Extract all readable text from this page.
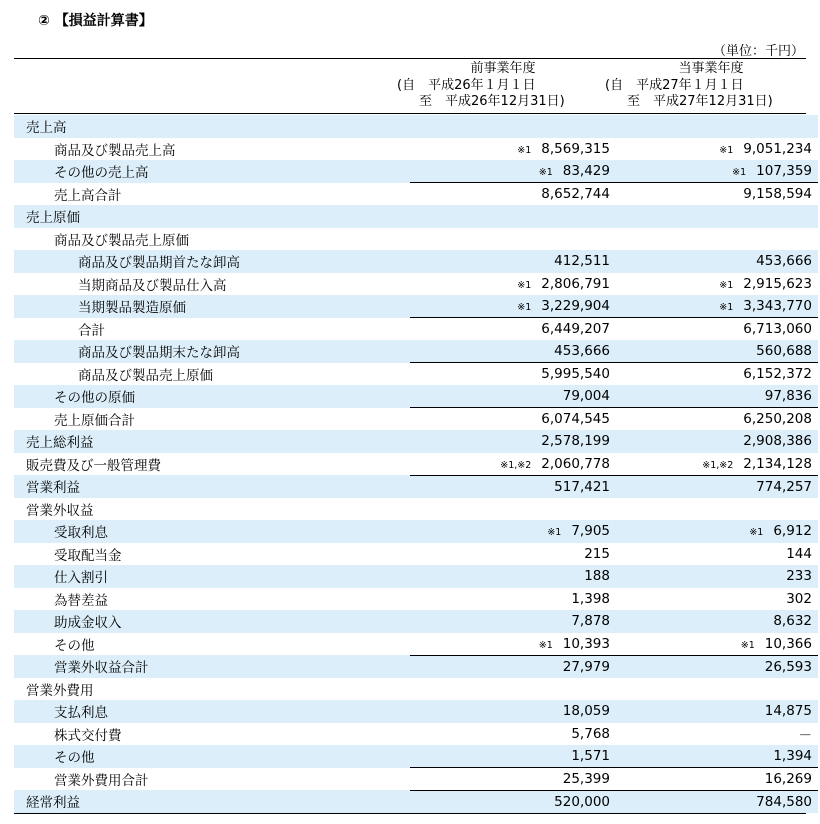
② 【損益計算書】
（単位：千円）
前事業年度
(自　平成26年１月１日
至　平成26年12月31日)
当事業年度
(自　平成27年１月１日
至　平成27年12月31日)
売上高		
商品及び製品売上高	※1 8,569,315	※1 9,051,234
その他の売上高	※1 83,429	※1 107,359
売上高合計	8,652,744	9,158,594
売上原価		
商品及び製品売上原価		
商品及び製品期首たな卸高	412,511	453,666
当期商品及び製品仕入高	※1 2,806,791	※1 2,915,623
当期製品製造原価	※1 3,229,904	※1 3,343,770
合計	6,449,207	6,713,060
商品及び製品期末たな卸高	453,666	560,688
商品及び製品売上原価	5,995,540	6,152,372
その他の原価	79,004	97,836
売上原価合計	6,074,545	6,250,208
売上総利益	2,578,199	2,908,386
販売費及び一般管理費	※1,※2 2,060,778	※1,※2 2,134,128
営業利益	517,421	774,257
営業外収益		
受取利息	※1 7,905	※1 6,912
受取配当金	215	144
仕入割引	188	233
為替差益	1,398	302
助成金収入	7,878	8,632
その他	※1 10,393	※1 10,366
営業外収益合計	27,979	26,593
営業外費用		
支払利息	18,059	14,875
株式交付費	5,768	－
その他	1,571	1,394
営業外費用合計	25,399	16,269
経常利益	520,000	784,580
